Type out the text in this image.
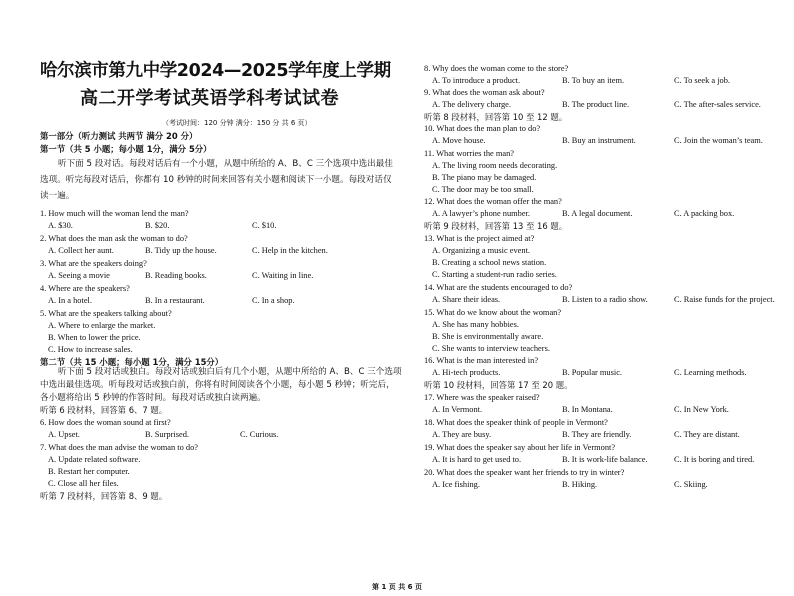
哈尔滨市第九中学2024—2025学年度上学期
高二开学考试英语学科考试试卷
（考试时间：120 分钟 满分：150 分 共 6 页）
第一部分（听力测试 共两节 满分 20 分）
第一节（共 5 小题；每小题 1分，满分 5分）
听下面 5 段对话。每段对话后有一个小题，从题中所给的 A、B、C 三个选项中选出最佳选项。听完每段对话后，你都有 10 秒钟的时间来回答有关小题和阅读下一小题。每段对话仅读一遍。
1. How much will the woman lend the man?
A. $30.	B. $20.	C. $10.
2. What does the man ask the woman to do?
A. Collect her aunt.	B. Tidy up the house.	C. Help in the kitchen.
3. What are the speakers doing?
A. Seeing a movie	B. Reading books.	C. Waiting in line.
4. Where are the speakers?
A. In a hotel.	B. In a restaurant.	C. In a shop.
5. What are the speakers talking about?
A. Where to enlarge the market.
B. When to lower the price.
C. How to increase sales.
第二节（共 15 小题；每小题 1分，满分 15分）
听下面 5 段对话或独白。每段对话或独白后有几个小题，从题中所给的 A、B、C 三个选项中选出最佳选项。听每段对话或独白前，你将有时间阅读各个小题，每小题 5 秒钟；听完后，各小题将给出 5 秒钟的作答时间。每段对话或独白读两遍。
听第 6 段材料，回答第 6、7 题。
6. How does the woman sound at first?
A. Upset.	B. Surprised.	C. Curious.
7. What does the man advise the woman to do?
A. Update related software.
B. Restart her computer.
C. Close all her files.
听第 7 段材料，回答第 8、9 题。
8. Why does the woman come to the store?
A. To introduce a product.	B. To buy an item.	C. To seek a job.
9. What does the woman ask about?
A. The delivery charge.	B. The product line.	C. The after-sales service.
听第 8 段材料，回答第 10 至 12 题。
10. What does the man plan to do?
A. Move house.	B. Buy an instrument.	C. Join the woman’s team.
11. What worries the man?
A. The living room needs decorating.
B. The piano may be damaged.
C. The door may be too small.
12. What does the woman offer the man?
A. A lawyer’s phone number.	B. A legal document.	C. A packing box.
听第 9 段材料，回答第 13 至 16 题。
13. What is the project aimed at?
A. Organizing a music event.
B. Creating a school news station.
C. Starting a student-run radio series.
14. What are the students encouraged to do?
A. Share their ideas.	B. Listen to a radio show.	C. Raise funds for the project.
15. What do we know about the woman?
A. She has many hobbies.
B. She is environmentally aware.
C. She wants to interview teachers.
16. What is the man interested in?
A. Hi-tech products.	B. Popular music.	C. Learning methods.
听第 10 段材料，回答第 17 至 20 题。
17. Where was the speaker raised?
A. In Vermont.	B. In Montana.	C. In New York.
18. What does the speaker think of people in Vermont?
A. They are busy.	B. They are friendly.	C. They are distant.
19. What does the speaker say about her life in Vermont?
A. It is hard to get used to.	B. It is work-life balance.	C. It is boring and tired.
20. What does the speaker want her friends to try in winter?
A. Ice fishing.	B. Hiking.	C. Skiing.
第 1 页 共 6 页
